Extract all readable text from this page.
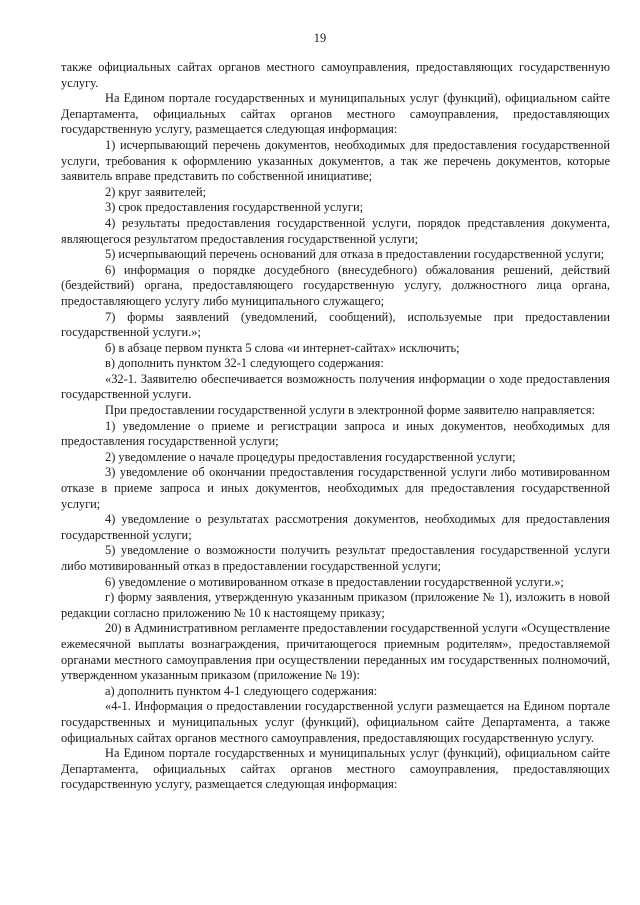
19

также официальных сайтах органов местного самоуправления, предоставляющих государственную услугу.

На Едином портале государственных и муниципальных услуг (функций), официальном сайте Департамента, официальных сайтах органов местного самоуправления, предоставляющих государственную услугу, размещается следующая информация:

1) исчерпывающий перечень документов, необходимых для предоставления государственной услуги, требования к оформлению указанных документов, а так же перечень документов, которые заявитель вправе представить по собственной инициативе;

2) круг заявителей;

3) срок предоставления государственной услуги;

4) результаты предоставления государственной услуги, порядок представления документа, являющегося результатом предоставления государственной услуги;

5) исчерпывающий перечень оснований для отказа в предоставлении государственной услуги;

6) информация о порядке досудебного (внесудебного) обжалования решений, действий (бездействий) органа, предоставляющего государственную услугу, должностного лица органа, предоставляющего услугу либо муниципального служащего;

7) формы заявлений (уведомлений, сообщений), используемые при предоставлении государственной услуги.»;

б) в абзаце первом пункта 5 слова «и интернет-сайтах» исключить;

в) дополнить пунктом 32-1 следующего содержания:

«32-1. Заявителю обеспечивается возможность получения информации о ходе предоставления государственной услуги.

При предоставлении государственной услуги в электронной форме заявителю направляется:

1) уведомление о приеме и регистрации запроса и иных документов, необходимых для предоставления государственной услуги;

2) уведомление о начале процедуры предоставления государственной услуги;

3) уведомление об окончании предоставления государственной услуги либо мотивированном отказе в приеме запроса и иных документов, необходимых для предоставления государственной услуги;

4) уведомление о результатах рассмотрения документов, необходимых для предоставления государственной услуги;

5) уведомление о возможности получить результат предоставления государственной услуги либо мотивированный отказ в предоставлении государственной услуги;

6) уведомление о мотивированном отказе в предоставлении государственной услуги.»;

г) форму заявления, утвержденную указанным приказом (приложение № 1), изложить в новой редакции согласно приложению № 10 к настоящему приказу;

20) в Административном регламенте предоставлении государственной услуги «Осуществление ежемесячной выплаты вознаграждения, причитающегося приемным родителям», предоставляемой органами местного самоуправления при осуществлении переданных им государственных полномочий, утвержденном указанным приказом (приложение № 19):

а) дополнить пунктом 4-1 следующего содержания:

«4-1. Информация о предоставлении государственной услуги размещается на Едином портале государственных и муниципальных услуг (функций), официальном сайте Департамента, а также официальных сайтах органов местного самоуправления, предоставляющих государственную услугу.

На Едином портале государственных и муниципальных услуг (функций), официальном сайте Департамента, официальных сайтах органов местного самоуправления, предоставляющих государственную услугу, размещается следующая информация:
